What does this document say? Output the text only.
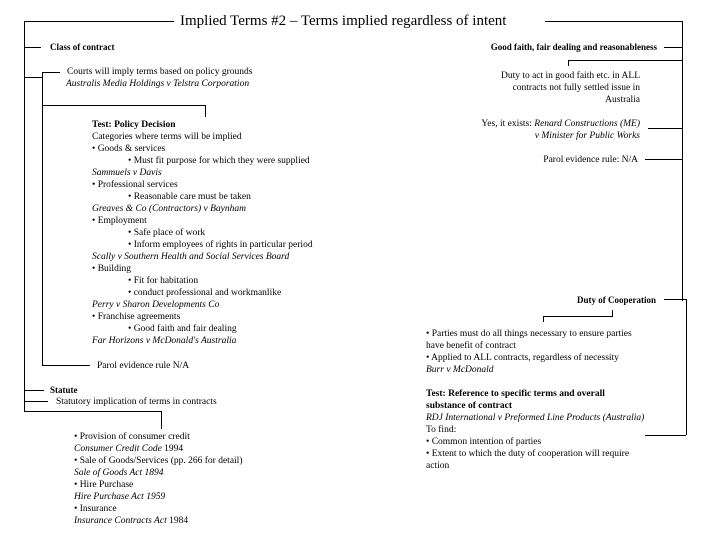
Implied Terms #2 – Terms implied regardless of intent
Class of contract
Courts will imply terms based on policy grounds
Australis Media Holdings v Telstra Corporation
Test: Policy Decision
Categories where terms will be implied
• Goods & services
• Must fit purpose for which they were supplied
Sammuels v Davis
• Professional services
• Reasonable care must be taken
Greaves & Co (Contractors) v Baynham
• Employment
• Safe place of work
• Inform employees of rights in particular period
Scally v Southern Health and Social Services Board
• Building
• Fit for habitation
• conduct professional and workmanlike
Perry v Sharon Developments Co
• Franchise agreements
• Good faith and fair dealing
Far Horizons v McDonald's Australia
Parol evidence rule N/A
Statute
Statutory implication of terms in contracts
• Provision of consumer credit
Consumer Credit Code 1994
• Sale of Goods/Services (pp. 266 for detail)
Sale of Goods Act 1894
• Hire Purchase
Hire Purchase Act 1959
• Insurance
Insurance Contracts Act 1984
Good faith, fair dealing and reasonableness
Duty to act in good faith etc. in ALL
contracts not fully settled issue in
Australia
Yes, it exists: Renard Constructions (ME)
v Minister for Public Works
Parol evidence rule: N/A
Duty of Cooperation
• Parties must do all things necessary to ensure parties
have benefit of contract
• Applied to ALL contracts, regardless of necessity
Burr v McDonald
Test: Reference to specific terms and overall
substance of contract
RDJ International v Preformed Line Products (Australia)
To find:
• Common intention of parties
• Extent to which the duty of cooperation will require
action
